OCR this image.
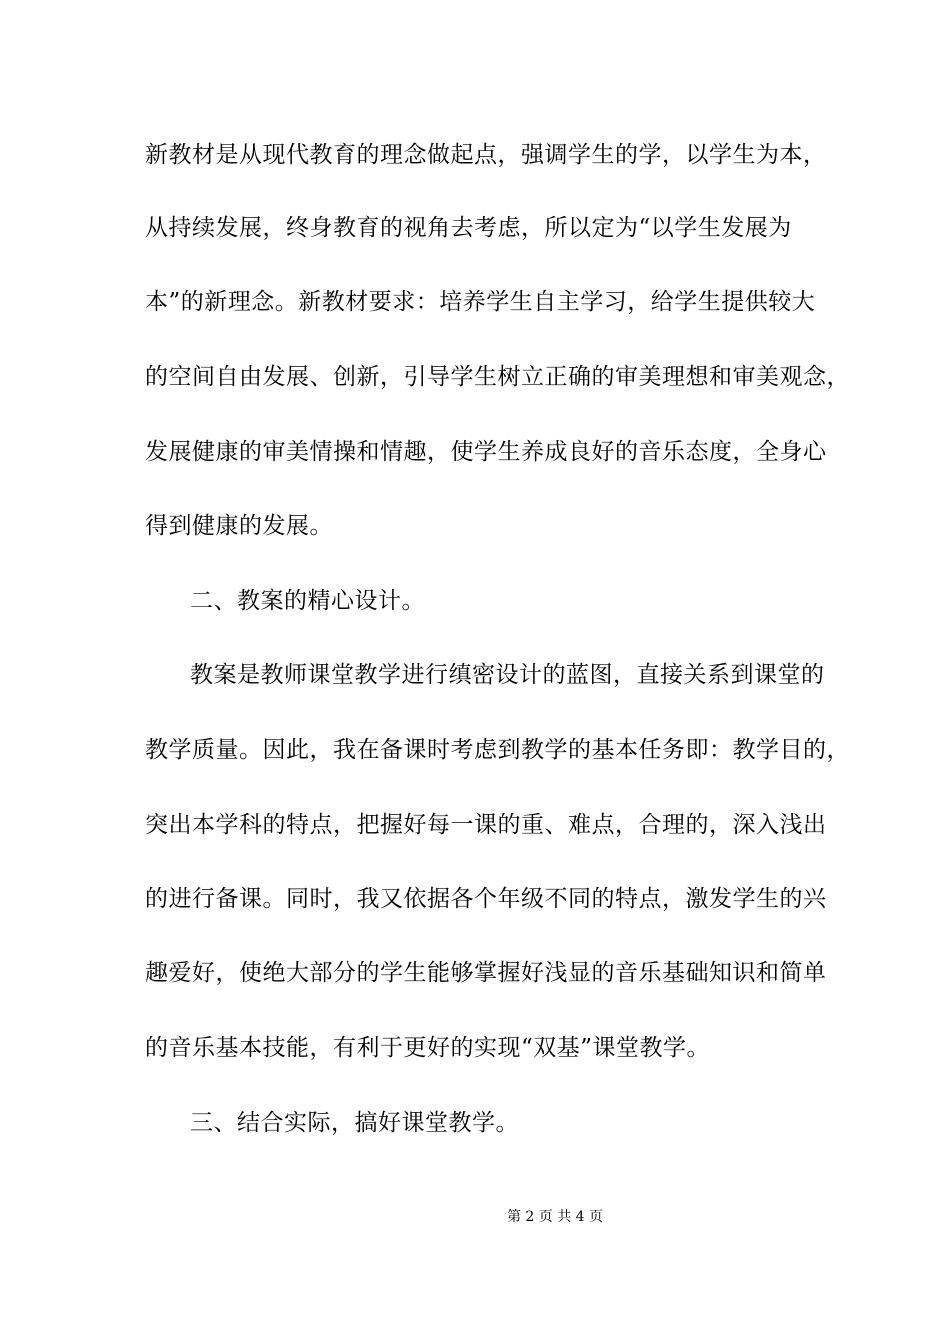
新教材是从现代教育的理念做起点，强调学生的学，以学生为本，
从持续发展，终身教育的视角去考虑，所以定为“以学生发展为
本”的新理念。新教材要求：培养学生自主学习，给学生提供较大
的空间自由发展、创新，引导学生树立正确的审美理想和审美观念，
发展健康的审美情操和情趣，使学生养成良好的音乐态度，全身心
得到健康的发展。
二、教案的精心设计。
教案是教师课堂教学进行缜密设计的蓝图，直接关系到课堂的
教学质量。因此，我在备课时考虑到教学的基本任务即：教学目的，
突出本学科的特点，把握好每一课的重、难点，合理的，深入浅出
的进行备课。同时，我又依据各个年级不同的特点，激发学生的兴
趣爱好，使绝大部分的学生能够掌握好浅显的音乐基础知识和简单
的音乐基本技能，有利于更好的实现“双基”课堂教学。
三、结合实际，搞好课堂教学。
第 2 页 共 4 页
